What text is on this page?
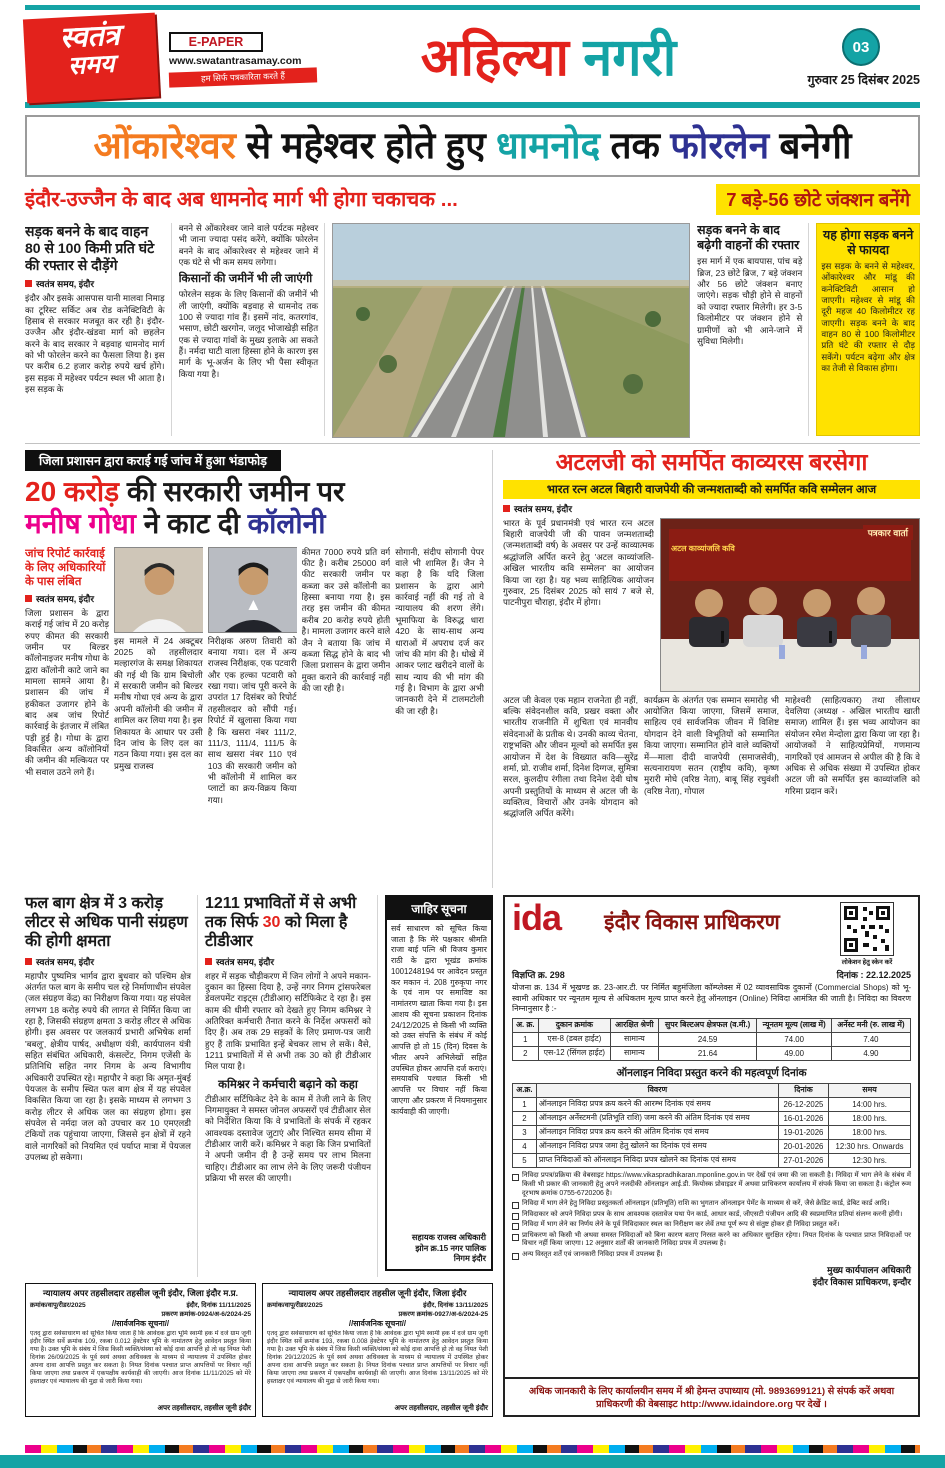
स्वतंत्र
समय
E-PAPER
www.swatantrasamay.com
हम सिर्फ पत्रकारिता करते हैं	अहिल्या नगरी	03
गुरुवार 25 दिसंबर 2025
ओंकारेश्वर से महेश्वर होते हुए धामनोद तक फोरलेन बनेगी
इंदौर-उज्जैन के बाद अब धामनोद मार्ग भी होगा चकाचक ...	7 बड़े-56 छोटे जंक्शन बनेंगे
सड़क बनने के बाद वाहन 80 से 100 किमी प्रति घंटे की रफ्तार से दौड़ेंगे
स्वतंत्र समय, इंदौर
इंदौर और इसके आसपास यानी मालवा निमाड़ का टूरिस्ट सर्किट अब रोड कनेक्टिविटी के हिसाब से सरकार मजबूत कर रही है। इंदौर-उज्जैन और इंदौर-खंडवा मार्ग को छहलेन करने के बाद सरकार ने बड़वाह धामनोद मार्ग को भी फोरलेन करने का फैसला लिया है। इस पर करीब 6.2 हजार करोड़ रुपये खर्च होंगे। इस सड़क में महेश्वर पर्यटन स्थल भी आता है। इस सड़क के
बनने से ओंकारेश्वर जाने वाले पर्यटक महेश्वर भी जाना ज्यादा पसंद करेंगे, क्योंकि फोरलेन बनने के बाद ओंकारेश्वर से महेश्वर जाने में एक घंटे से भी कम समय लगेगा।
किसानों की जमीनें भी ली जाएंगी
फोरलेन सड़क के लिए किसानों की जमीनें भी ली जाएंगी, क्योंकि बड़वाह से धामनोद तक 100 से ज्यादा गांव हैं। इसमें नांद, कतरगांव, भसाण, छोटी खरगोन, जलूद भोजाखेड़ी सहित एक से ज्यादा गांवों के मुख्य इलाके आ सकते हैं। नर्मदा घाटी वाला हिस्सा होने के कारण इस मार्ग के भू-अर्जन के लिए भी पैसा स्वीकृत किया गया है।
सड़क बनने के बाद बढ़ेगी वाहनों की रफ्तार
इस मार्ग में एक बायपास, पांच बड़े ब्रिज, 23 छोटे ब्रिज, 7 बड़े जंक्शन और 56 छोटे जंक्शन बनाए जाएंगे। सड़क चौड़ी होने से वाहनों को ज्यादा रफ्तार मिलेगी। हर 3-5 किलोमीटर पर जंक्शन होने से ग्रामीणों को भी आने-जाने में सुविधा मिलेगी।
यह होगा सड़क बनने से फायदा
इस सड़क के बनने से महेश्वर, ओंकारेश्वर और मांडू की कनेक्टिविटी आसान हो जाएगी। महेश्वर से मांडू की दूरी महज 40 किलोमीटर रह जाएगी। सड़क बनने के बाद वाहन 80 से 100 किलोमीटर प्रति घंटे की रफ्तार से दौड़ सकेंगे। पर्यटन बढ़ेगा और क्षेत्र का तेजी से विकास होगा।
जिला प्रशासन द्वारा कराई गई जांच में हुआ भंडाफोड़
20 करोड़ की सरकारी जमीन पर
मनीष गोधा ने काट दी कॉलोनी
जांच रिपोर्ट कार्रवाई के लिए अधिकारियों के पास लंबित
स्वतंत्र समय, इंदौर
जिला प्रशासन के द्वारा कराई गई जांच में 20 करोड़ रुपए कीमत की सरकारी जमीन पर बिल्डर कॉलोनाइजर मनीष गोधा के द्वारा कॉलोनी काटे जाने का मामला सामने आया है। प्रशासन की जांच में हकीकत उजागर होने के बाद अब जांच रिपोर्ट कार्रवाई के इंतजार में लंबित पड़ी हुई है। गोधा के द्वारा विकसित अन्य कॉलोनियों की जमीन की मल्कियत पर भी सवाल उठने लगे हैं।
इस मामले में 24 अक्टूबर 2025 को तहसीलदार मल्हारगंज के समक्ष शिकायत की गई थी कि ग्राम बिचोली में सरकारी जमीन को बिल्डर मनीष गोधा एवं अन्य के द्वारा अपनी कॉलोनी की जमीन में शामिल कर लिया गया है। इस शिकायत के आधार पर उसी दिन जांच के लिए दल का गठन किया गया। इस दल का प्रमुख राजस्व
निरीक्षक अरुण तिवारी को बनाया गया। दल में अन्य राजस्व निरीक्षक, एक पटवारी और एक हल्का पटवारी को रखा गया। जांच पूरी करने के उपरांत 17 दिसंबर को रिपोर्ट तहसीलदार को सौंपी गई। रिपोर्ट में खुलासा किया गया है कि खसरा नंबर 111/2, 111/3, 111/4, 111/5 के साथ खसरा नंबर 110 एवं 103 की सरकारी जमीन को भी कॉलोनी में शामिल कर प्लाटों का क्रय-विक्रय किया गया।
कीमत 7000 रुपये प्रति वर्ग फीट है। करीब 25000 वर्ग फीट सरकारी जमीन पर कब्जा कर उसे कॉलोनी का हिस्सा बनाया गया है। इस तरह इस जमीन की कीमत करीब 20 करोड़ रुपये होती है। मामला उजागर करने वाले जैन ने बताया कि जांच में कब्जा सिद्ध होने के बाद भी जिला प्रशासन के द्वारा जमीन मुक्त कराने की कार्रवाई नहीं की जा रही है।
सोगानी, संदीप सोगानी पेपर वाले भी शामिल हैं। जैन ने कहा है कि यदि जिला प्रशासन के द्वारा आगे कार्रवाई नहीं की गई तो वे न्यायालय की शरण लेंगे। भूमाफिया के विरुद्ध धारा 420 के साथ-साथ अन्य धाराओं में अपराध दर्ज कर जांच की मांग की है। धोखे में आकर प्लाट खरीदने वालों के साथ न्याय की भी मांग की गई है। विभाग के द्वारा अभी जानकारी देने में टालमटोली की जा रही है।
अटलजी को समर्पित काव्यरस बरसेगा
भारत रत्न अटल बिहारी वाजपेयी की जन्मशताब्दी को समर्पित कवि सम्मेलन आज
स्वतंत्र समय, इंदौर
भारत के पूर्व प्रधानमंत्री एवं भारत रत्न अटल बिहारी वाजपेयी जी की पावन जन्मशताब्दी (जन्मशताब्दी वर्ष) के अवसर पर उन्हें काव्यात्मक श्रद्धांजलि अर्पित करने हेतु 'अटल काव्यांजलि-अखिल भारतीय कवि सम्मेलन' का आयोजन किया जा रहा है। यह भव्य साहित्यिक आयोजन गुरुवार, 25 दिसंबर 2025 को सायं 7 बजे से, पाटनीपुरा चौराहा, इंदौर में होगा।
पत्रकार वार्ता
अटल काव्यांजलि कवि
अटल जी केवल एक महान राजनेता ही नहीं, बल्कि संवेदनशील कवि, प्रखर वक्ता और भारतीय राजनीति में शुचिता एवं मानवीय संवेदनाओं के प्रतीक थे। उनकी काव्य चेतना, राष्ट्रभक्ति और जीवन मूल्यों को समर्पित इस आयोजन में देश के विख्यात कवि—सुरेंद्र शर्मा, प्रो. राजीव शर्मा, दिनेश दिग्गज, सुमित्रा सरल, कुलदीप रंगीला तथा दिनेश देवी घोष अपनी प्रस्तुतियों के माध्यम से अटल जी के व्यक्तित्व, विचारों और उनके योगदान को श्रद्धांजलि अर्पित करेंगे।
कार्यक्रम के अंतर्गत एक सम्मान समारोह भी आयोजित किया जाएगा, जिसमें समाज, साहित्य एवं सार्वजनिक जीवन में विशिष्ट योगदान देने वाली विभूतियों को सम्मानित किया जाएगा। सम्मानित होने वाले व्यक्तियों में—माला दीदी वाजपेयी (समाजसेवी), सत्यनारायण सतन (राष्ट्रीय कवि), कृष्ण मुरारी मोघे (वरिष्ठ नेता), बाबू सिंह रघुवंशी (वरिष्ठ नेता), गोपाल
माहेश्वरी (साहित्यकार) तथा लीलाधर देवलिया (अध्यक्ष - अखिल भारतीय खाती समाज) शामिल हैं। इस भव्य आयोजन का संयोजन रमेश मेन्दोला द्वारा किया जा रहा है। आयोजकों ने साहित्यप्रेमियों, गणमान्य नागरिकों एवं आमजन से अपील की है कि वे अधिक से अधिक संख्या में उपस्थित होकर अटल जी को समर्पित इस काव्यांजलि को गरिमा प्रदान करें।
फल बाग क्षेत्र में 3 करोड़ लीटर से अधिक पानी संग्रहण की होगी क्षमता
स्वतंत्र समय, इंदौर
महापौर पुष्यमित्र भार्गव द्वारा बुधवार को पश्चिम क्षेत्र अंतर्गत फल बाग के समीप चल रहे निर्माणाधीन संपवेल (जल संग्रहण केंद्र) का निरीक्षण किया गया। यह संपवेल लगभग 18 करोड़ रुपये की लागत से निर्मित किया जा रहा है, जिसकी संग्रहण क्षमता 3 करोड़ लीटर से अधिक होगी। इस अवसर पर जलकार्य प्रभारी अभिषेक शर्मा 'बबलू', क्षेत्रीय पार्षद, अधीक्षण यंत्री, कार्यपालन यंत्री सहित संबंधित अधिकारी, कंसल्टेंट, निगम एजेंसी के प्रतिनिधि सहित नगर निगम के अन्य विभागीय अधिकारी उपस्थित रहे। महापौर ने कहा कि अमृत-मुंबई पेयजल के समीप स्थित फल बाग क्षेत्र में यह संपवेल विकसित किया जा रहा है। इसके माध्यम से लगभग 3 करोड़ लीटर से अधिक जल का संग्रहण होगा। इस संपवेल से नर्मदा जल को उपचार कर 10 एमएलडी टंकियों तक पहुंचाया जाएगा, जिससे इन क्षेत्रों में रहने वाले नागरिकों को नियमित एवं पर्याप्त मात्रा में पेयजल उपलब्ध हो सकेगा।
1211 प्रभावितों में से अभी तक सिर्फ 30 को मिला है टीडीआर
स्वतंत्र समय, इंदौर
शहर में सड़क चौड़ीकरण में जिन लोगों ने अपने मकान-दुकान का हिस्सा दिया है, उन्हें नगर निगम ट्रांसफरेबल डेवलपमेंट राइट्स (टीडीआर) सर्टिफिकेट दे रहा है। इस काम की धीमी रफ्तार को देखते हुए निगम कमिश्नर ने अतिरिक्त कर्मचारी तैनात करने के निर्देश अफसरों को दिए हैं। अब तक 29 सड़कों के लिए प्रमाण-पत्र जारी हुए हैं ताकि प्रभावित इन्हें बेचकर लाभ ले सकें। वैसे, 1211 प्रभावितों में से अभी तक 30 को ही टीडीआर मिल पाया है।
कमिश्नर ने कर्मचारी बढ़ाने को कहा
टीडीआर सर्टिफिकेट देने के काम में तेजी लाने के लिए निगमायुक्त ने समस्त जोनल अफसरों एवं टीडीआर सेल को निर्देशित किया कि वे प्रभावितों के संपर्क में रहकर आवश्यक दस्तावेज जुटाएं और निश्चित समय सीमा में टीडीआर जारी करें। कमिश्नर ने कहा कि जिन प्रभावितों ने अपनी जमीन दी है उन्हें समय पर लाभ मिलना चाहिए। टीडीआर का लाभ लेने के लिए जरूरी पंजीयन प्रक्रिया भी सरल की जाएगी।
जाहिर सूचना
सर्व साधारण को सूचित किया जाता है कि मेरे पक्षकार श्रीमति राजा बाई पत्नि श्री विजय कुमार राठी के द्वारा भूखंड क्रमांक 1001248194 पर आवेदन प्रस्तुत कर मकान नं. 208 गुरुकृपा नगर के एवं नाम पर समाविष्ट का नामांतरण खाता किया गया है। इस आशय की सूचना प्रकाशन दिनांक 24/12/2025 से किसी भी व्यक्ति को उक्त संपत्ति के संबंध में कोई आपत्ति हो तो 15 (दिन) दिवस के भीतर अपने अभिलेखों सहित उपस्थित होकर आपत्ति दर्ज कराएं। समयावधि पश्चात किसी भी आपत्ति पर विचार नहीं किया जाएगा और प्रकरण में नियमानुसार कार्यवाही की जाएगी।
सहायक राजस्व अधिकारी
झोन क्र.15 नगर पालिक
निगम इंदौर
न्यायालय अपर तहसीलदार तहसील जूनी इंदौर, जिला इंदौर म.प्र.
क्रमांक/वापू/रीडर/2025	इंदौर, दिनांक 11/11/2025
प्रकरण क्रमांक-0924/अ-6/2024-25
//सार्वजनिक सूचना//
एतद् द्वारा सर्वसाधारण को सूचित किया जाता है कि आवेदक द्वारा भूमि स्वामी हक में दर्ज ग्राम जूनी इंदौर स्थित सर्वे क्रमांक 109, रकबा 0.012 हेक्टेयर भूमि के नामांतरण हेतु आवेदन प्रस्तुत किया गया है। उक्त भूमि के संबंध में जिस किसी व्यक्ति/संस्था को कोई दावा आपत्ति हो तो वह नियत पेशी दिनांक 26/09/2025 के पूर्व स्वयं अथवा अधिवक्ता के माध्यम से न्यायालय में उपस्थित होकर अपना दावा आपत्ति प्रस्तुत कर सकता है। नियत दिनांक पश्चात प्राप्त आपत्तियों पर विचार नहीं किया जाएगा तथा प्रकरण में एकपक्षीय कार्यवाही की जाएगी। आज दिनांक 11/11/2025 को मेरे हस्ताक्षर एवं न्यायालय की मुद्रा से जारी किया गया।
अपर तहसीलदार, तहसील जूनी इंदौर
न्यायालय अपर तहसीलदार तहसील जूनी इंदौर, जिला इंदौर
क्रमांक/वापू/रीडर/2025	इंदौर, दिनांक 13/11/2025
प्रकरण क्रमांक-0927/अ-6/2024-25
//सार्वजनिक सूचना//
एतद् द्वारा सर्वसाधारण को सूचित किया जाता है कि आवेदक द्वारा भूमि स्वामी हक में दर्ज ग्राम जूनी इंदौर स्थित सर्वे क्रमांक 193, रकबा 0.008 हेक्टेयर भूमि के नामांतरण हेतु आवेदन प्रस्तुत किया गया है। उक्त भूमि के संबंध में जिस किसी व्यक्ति/संस्था को कोई दावा आपत्ति हो तो वह नियत पेशी दिनांक 29/12/2025 के पूर्व स्वयं अथवा अधिवक्ता के माध्यम से न्यायालय में उपस्थित होकर अपना दावा आपत्ति प्रस्तुत कर सकता है। नियत दिनांक पश्चात प्राप्त आपत्तियों पर विचार नहीं किया जाएगा तथा प्रकरण में एकपक्षीय कार्यवाही की जाएगी। आज दिनांक 13/11/2025 को मेरे हस्ताक्षर एवं न्यायालय की मुद्रा से जारी किया गया।
अपर तहसीलदार, तहसील जूनी इंदौर
ida	इंदौर विकास प्राधिकरण
लोकेशन हेतु स्केन करें
विज्ञप्ति क्र. 298	दिनांक : 22.12.2025
योजना क्र. 134 में भूखण्ड क्र. 23-आर.टी. पर निर्मित बहुमंजिला कॉम्प्लेक्स में 02 व्यावसायिक दुकानों (Commercial Shops) को भू-स्वामी अधिकार पर न्यूनतम मूल्य से अधिकतम मूल्य प्राप्त करने हेतु ऑनलाइन (Online) निविदा आमंत्रित की जाती है। निविदा का विवरण निम्नानुसार है :-
अ. क्र.	दुकान क्रमांक	आरक्षित श्रेणी	सुपर बिल्टअप क्षेत्रफल (व.मी.)	न्यूनतम मूल्य (लाख में)	अर्नेस्ट मनी (रु. लाख में)
1	एस-8 (डबल हाईट)	सामान्य	24.59	74.00	7.40
2	एस-12 (सिंगल हाईट)	सामान्य	21.64	49.00	4.90
ऑनलाइन निविदा प्रस्तुत करने की महत्वपूर्ण दिनांक
अ.क्र.	विवरण	दिनांक	समय
1	ऑनलाइन निविदा प्रपत्र क्रय करने की आरम्भ दिनांक एवं समय	26-12-2025	14:00 hrs.
2	ऑनलाइन अर्नेस्टमनी (प्रतिभूति राशि) जमा करने की अंतिम दिनांक एवं समय	16-01-2026	18:00 hrs.
3	ऑनलाइन निविदा प्रपत्र क्रय करने की अंतिम दिनांक एवं समय	19-01-2026	18:00 hrs.
4	ऑनलाइन निविदा प्रपत्र जमा हेतु खोलने का दिनांक एवं समय	20-01-2026	12:30 hrs. Onwards
5	प्राप्त निविदाओं को ऑनलाइन निविदा प्रपत्र खोलने का दिनांक एवं समय	27-01-2026	12:30 hrs.
निविदा प्रपत्र/प्रक्रिया की वेबसाइट https://www.vikaspradhikaran.mponline.gov.in पर देखें एवं जमा की जा सकती है। निविदा में भाग लेने के संबंध में किसी भी प्रकार की जानकारी हेतु अपने नजदीकी ऑनलाइन आई.डी. कियोस्क प्रोवाइडर में अथवा प्राधिकरण कार्यालय में संपर्क किया जा सकता है। कंट्रोल रूम दूरभाष क्रमांक 0755-6720206 है।
निविदा में भाग लेने हेतु निविदा प्रस्तुतकर्ता ऑनलाइन (प्रतिभूति) राशि का भुगतान ऑनलाइन पेमेंट के माध्यम से करें, जैसे क्रेडिट कार्ड, डेबिट कार्ड आदि।
निविदाकार को अपने निविदा प्रपत्र के साथ आवश्यक दस्तावेज यथा पेन कार्ड, आधार कार्ड, जीएसटी पंजीयन आदि की स्वप्रमाणित प्रतियां संलग्न करनी होंगी।
निविदा में भाग लेने का निर्णय लेने के पूर्व निविदाकार स्थल का निरीक्षण कर लेवें तथा पूर्ण रूप से संतुष्ट होकर ही निविदा प्रस्तुत करें।
प्राधिकरण को किसी भी अथवा समस्त निविदाओं को बिना कारण बताए निरस्त करने का अधिकार सुरक्षित रहेगा। नियत दिनांक के पश्चात प्राप्त निविदाओं पर विचार नहीं किया जाएगा। 12 अनुसार शर्तों की जानकारी निविदा प्रपत्र में उपलब्ध है।
अन्य विस्तृत शर्तें एवं जानकारी निविदा प्रपत्र में उपलब्ध हैं।
मुख्य कार्यपालन अधिकारी
इंदौर विकास प्राधिकरण, इन्दौर
अधिक जानकारी के लिए कार्यालयीन समय में श्री हेमन्त उपाध्याय (मो. 9893699121) से संपर्क करें अथवा प्राधिकरणी की वेबसाइट http://www.idaindore.org पर देखें ।
